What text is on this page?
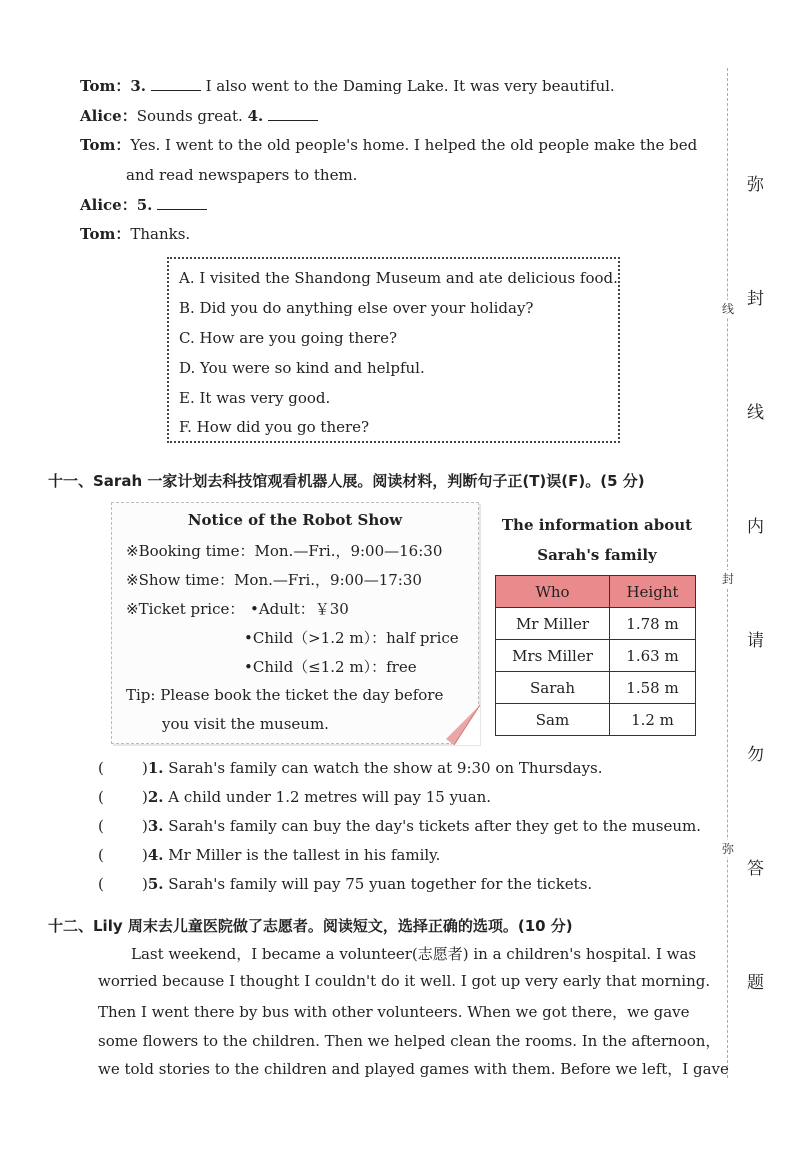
Tom：3.	I also went to the Daming Lake. It was very beautiful.
Alice：Sounds great. 4.
Tom：Yes. I went to the old people's home. I helped the old people make the bed
and read newspapers to them.
Alice：5.
Tom：Thanks.
A. I visited the Shandong Museum and ate delicious food.
B. Did you do anything else over your holiday?
C. How are you going there?
D. You were so kind and helpful.
E. It was very good.
F. How did you go there?
十一、Sarah 一家计划去科技馆观看机器人展。阅读材料，判断句子正(T)误(F)。(5 分)
Notice of the Robot Show
※Booking time：Mon.—Fri.，9:00—16:30
※Show time：Mon.—Fri.，9:00—17:30
※Ticket price： •Adult：￥30
•Child（>1.2 m）：half price
•Child（≤1.2 m）：free
Tip: Please book the ticket the day before
you visit the museum.
The information about
Sarah's family
Who	Height
Mr Miller	1.78 m
Mrs Miller	1.63 m
Sarah	1.58 m
Sam	1.2 m
(	)1. Sarah's family can watch the show at 9:30 on Thursdays.
(	)2. A child under 1.2 metres will pay 15 yuan.
(	)3. Sarah's family can buy the day's tickets after they get to the museum.
(	)4. Mr Miller is the tallest in his family.
(	)5. Sarah's family will pay 75 yuan together for the tickets.
十二、Lily 周末去儿童医院做了志愿者。阅读短文，选择正确的选项。(10 分)
Last weekend，I became a volunteer(志愿者) in a children's hospital. I was
worried because I thought I couldn't do it well. I got up very early that morning.
Then I went there by bus with other volunteers. When we got there，we gave
some flowers to the children. Then we helped clean the rooms. In the afternoon，
we told stories to the children and played games with them. Before we left，I gave
线
封
弥
弥
封
线
内
请
勿
答
题
